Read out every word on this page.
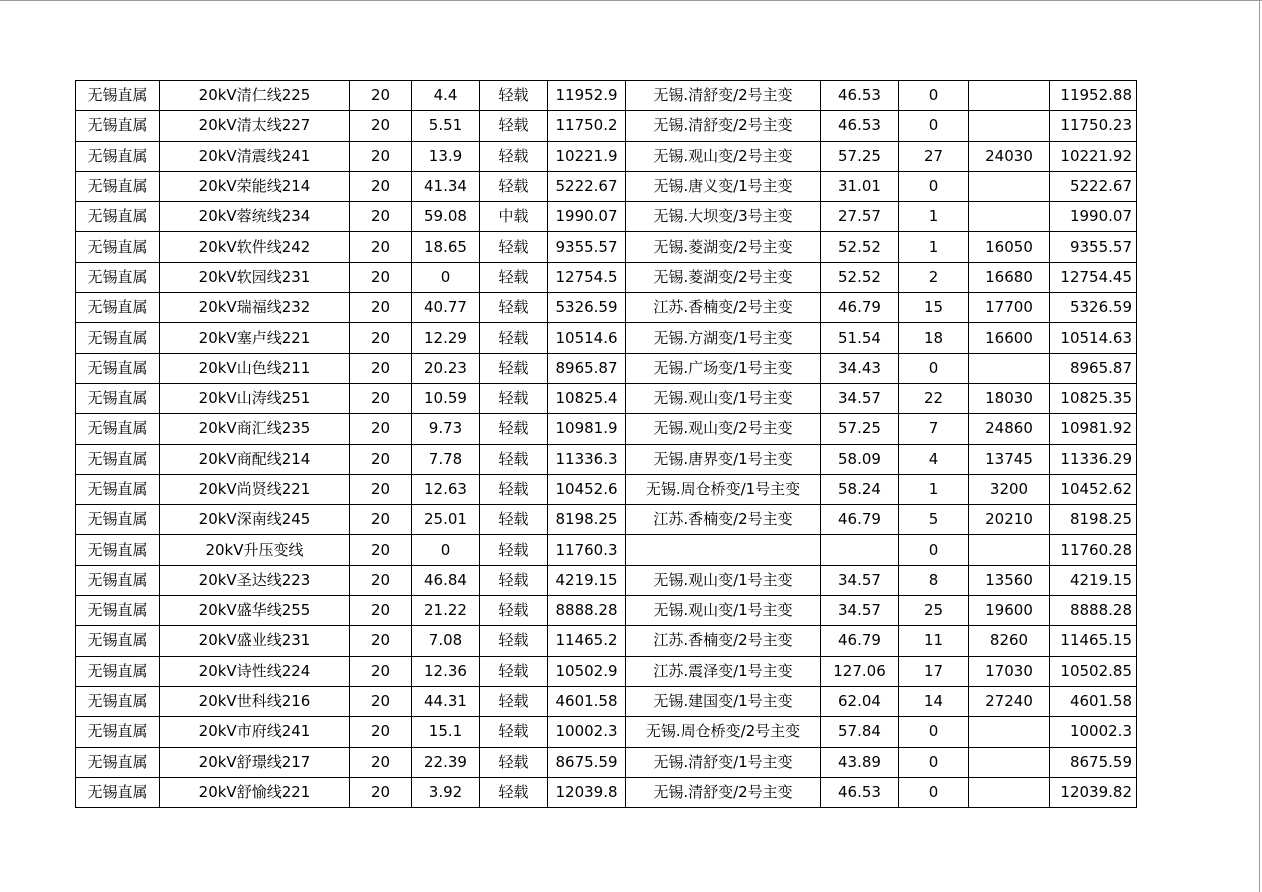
无锡直属	20kV清仁线225	20	4.4	轻载	11952.9	无锡.清舒变/2号主变	46.53	0		11952.88
无锡直属	20kV清太线227	20	5.51	轻载	11750.2	无锡.清舒变/2号主变	46.53	0		11750.23
无锡直属	20kV清震线241	20	13.9	轻载	10221.9	无锡.观山变/2号主变	57.25	27	24030	10221.92
无锡直属	20kV荣能线214	20	41.34	轻载	5222.67	无锡.唐义变/1号主变	31.01	0		5222.67
无锡直属	20kV蓉统线234	20	59.08	中载	1990.07	无锡.大坝变/3号主变	27.57	1		1990.07
无锡直属	20kV软件线242	20	18.65	轻载	9355.57	无锡.菱湖变/2号主变	52.52	1	16050	9355.57
无锡直属	20kV软园线231	20	0	轻载	12754.5	无锡.菱湖变/2号主变	52.52	2	16680	12754.45
无锡直属	20kV瑞福线232	20	40.77	轻载	5326.59	江苏.香楠变/2号主变	46.79	15	17700	5326.59
无锡直属	20kV塞卢线221	20	12.29	轻载	10514.6	无锡.方湖变/1号主变	51.54	18	16600	10514.63
无锡直属	20kV山色线211	20	20.23	轻载	8965.87	无锡.广场变/1号主变	34.43	0		8965.87
无锡直属	20kV山涛线251	20	10.59	轻载	10825.4	无锡.观山变/1号主变	34.57	22	18030	10825.35
无锡直属	20kV商汇线235	20	9.73	轻载	10981.9	无锡.观山变/2号主变	57.25	7	24860	10981.92
无锡直属	20kV商配线214	20	7.78	轻载	11336.3	无锡.唐界变/1号主变	58.09	4	13745	11336.29
无锡直属	20kV尚贤线221	20	12.63	轻载	10452.6	无锡.周仓桥变/1号主变	58.24	1	3200	10452.62
无锡直属	20kV深南线245	20	25.01	轻载	8198.25	江苏.香楠变/2号主变	46.79	5	20210	8198.25
无锡直属	20kV升压变线	20	0	轻载	11760.3			0		11760.28
无锡直属	20kV圣达线223	20	46.84	轻载	4219.15	无锡.观山变/1号主变	34.57	8	13560	4219.15
无锡直属	20kV盛华线255	20	21.22	轻载	8888.28	无锡.观山变/1号主变	34.57	25	19600	8888.28
无锡直属	20kV盛业线231	20	7.08	轻载	11465.2	江苏.香楠变/2号主变	46.79	11	8260	11465.15
无锡直属	20kV诗性线224	20	12.36	轻载	10502.9	江苏.震泽变/1号主变	127.06	17	17030	10502.85
无锡直属	20kV世科线216	20	44.31	轻载	4601.58	无锡.建国变/1号主变	62.04	14	27240	4601.58
无锡直属	20kV市府线241	20	15.1	轻载	10002.3	无锡.周仓桥变/2号主变	57.84	0		10002.3
无锡直属	20kV舒璟线217	20	22.39	轻载	8675.59	无锡.清舒变/1号主变	43.89	0		8675.59
无锡直属	20kV舒愉线221	20	3.92	轻载	12039.8	无锡.清舒变/2号主变	46.53	0		12039.82
